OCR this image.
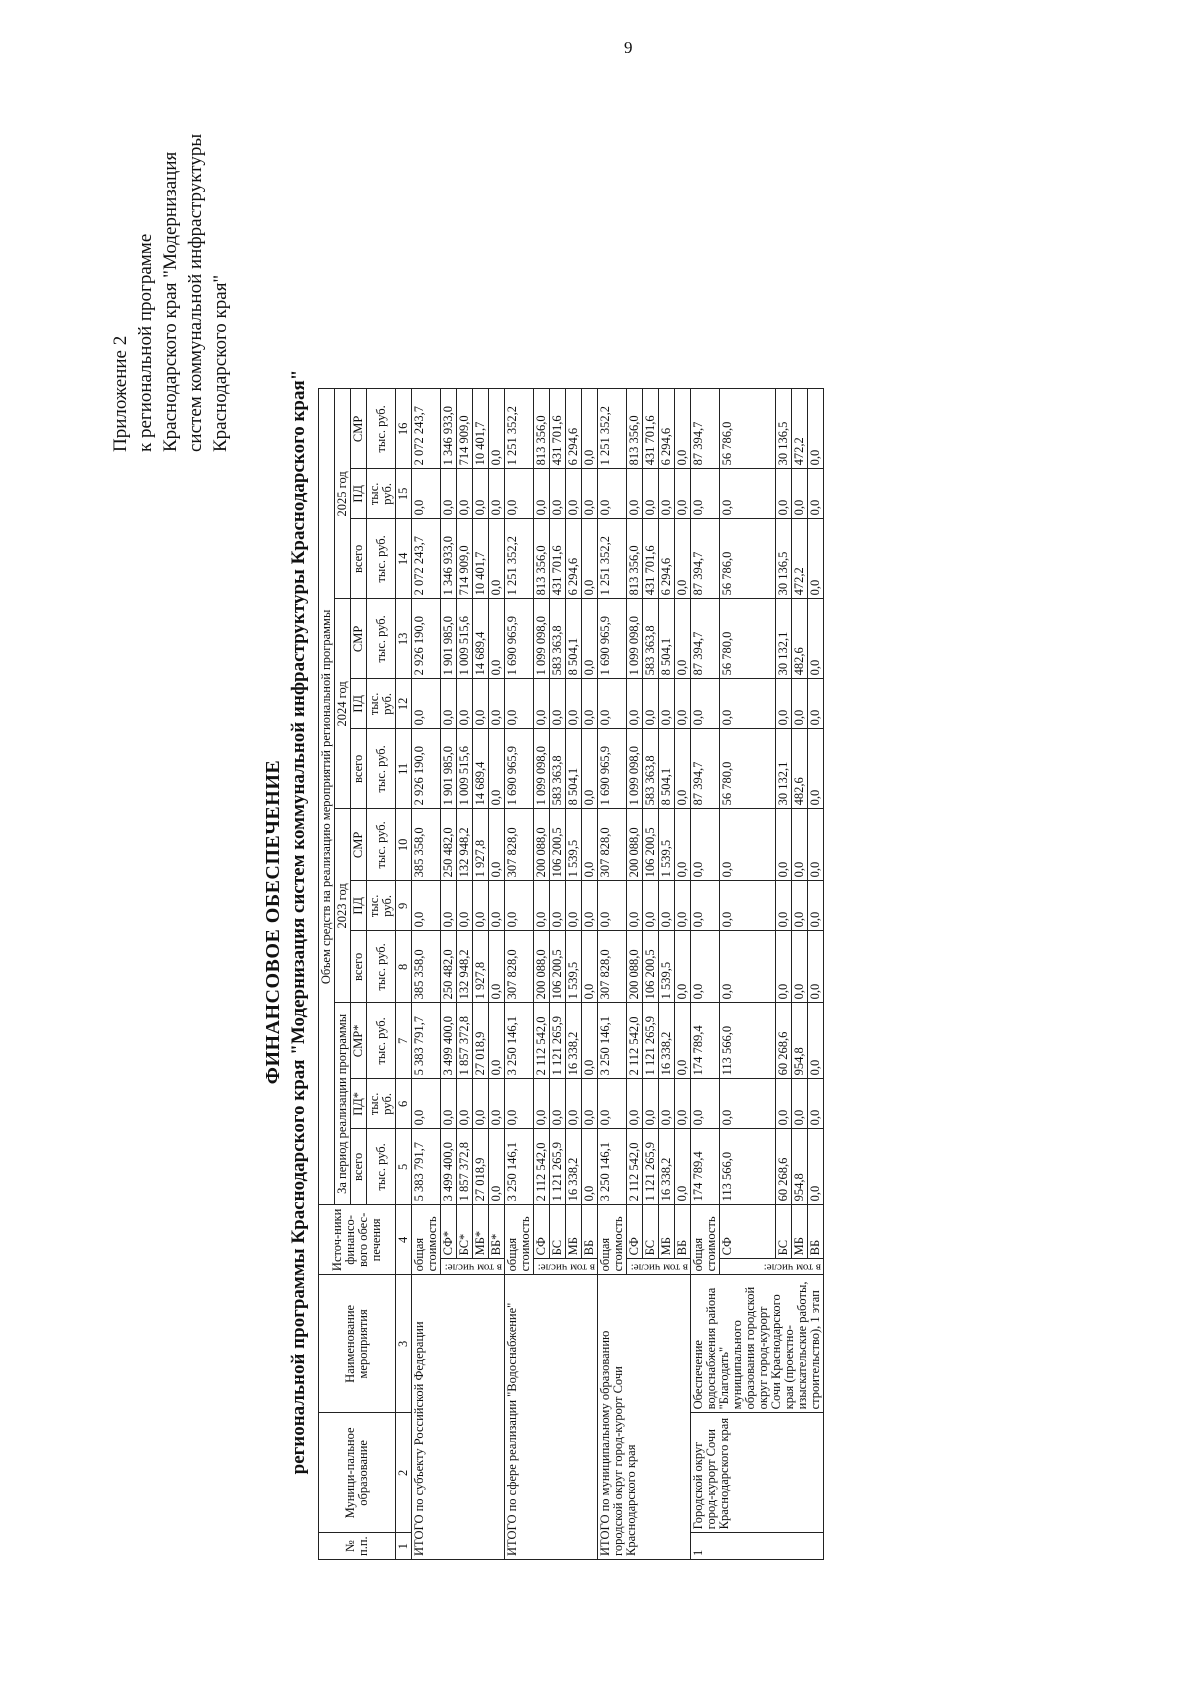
9
Приложение 2 к региональной программе Краснодарского края "Модернизация систем коммунальной инфраструктуры Краснодарского края"
ФИНАНСОВОЕ ОБЕСПЕЧЕНИЕ региональной программы Краснодарского края "Модернизация систем коммунальной инфраструктуры Краснодарского края"
№ п.п.	Муници-пальное образование	Наименование мероприятия	Источ-ники финансо-вого обес-печения		Объем средств на реализацию мероприятий региональной программы											
					За период реализации программы			2023 год			2024 год			2025 год		
					всего	ПД*	СМР*	всего	ПД	СМР	всего	ПД	СМР	всего	ПД	СМР
					тыс. руб.	тыс. руб.	тыс. руб.	тыс. руб.	тыс. руб.	тыс. руб.	тыс. руб.	тыс. руб.	тыс. руб.	тыс. руб.	тыс. руб.	тыс. руб.
1	2	3	4		5	6	7	8	9	10	11	12	13	14	15	16
ИТОГО по субъекту Российской Федерации			общая стоимость		5 383 791,7	0,0	5 383 791,7	385 358,0	0,0	385 358,0	2 926 190,0	0,0	2 926 190,0	2 072 243,7	0,0	2 072 243,7
			в том числе:	СФ*	3 499 400,0	0,0	3 499 400,0	250 482,0	0,0	250 482,0	1 901 985,0	0,0	1 901 985,0	1 346 933,0	0,0	1 346 933,0
				БС*	1 857 372,8	0,0	1 857 372,8	132 948,2	0,0	132 948,2	1 009 515,6	0,0	1 009 515,6	714 909,0	0,0	714 909,0
				МБ*	27 018,9	0,0	27 018,9	1 927,8	0,0	1 927,8	14 689,4	0,0	14 689,4	10 401,7	0,0	10 401,7
				ВБ*	0,0	0,0	0,0	0,0	0,0	0,0	0,0	0,0	0,0	0,0	0,0	0,0
ИТОГО по сфере реализации "Водоснабжение"			общая стоимость		3 250 146,1	0,0	3 250 146,1	307 828,0	0,0	307 828,0	1 690 965,9	0,0	1 690 965,9	1 251 352,2	0,0	1 251 352,2
			в том числе:	СФ	2 112 542,0	0,0	2 112 542,0	200 088,0	0,0	200 088,0	1 099 098,0	0,0	1 099 098,0	813 356,0	0,0	813 356,0
				БС	1 121 265,9	0,0	1 121 265,9	106 200,5	0,0	106 200,5	583 363,8	0,0	583 363,8	431 701,6	0,0	431 701,6
				МБ	16 338,2	0,0	16 338,2	1 539,5	0,0	1 539,5	8 504,1	0,0	8 504,1	6 294,6	0,0	6 294,6
				ВБ	0,0	0,0	0,0	0,0	0,0	0,0	0,0	0,0	0,0	0,0	0,0	0,0
ИТОГО по муниципальному образованию городской округ город-курорт Сочи Краснодарского края			общая стоимость		3 250 146,1	0,0	3 250 146,1	307 828,0	0,0	307 828,0	1 690 965,9	0,0	1 690 965,9	1 251 352,2	0,0	1 251 352,2
			в том числе:	СФ	2 112 542,0	0,0	2 112 542,0	200 088,0	0,0	200 088,0	1 099 098,0	0,0	1 099 098,0	813 356,0	0,0	813 356,0
				БС	1 121 265,9	0,0	1 121 265,9	106 200,5	0,0	106 200,5	583 363,8	0,0	583 363,8	431 701,6	0,0	431 701,6
				МБ	16 338,2	0,0	16 338,2	1 539,5	0,0	1 539,5	8 504,1	0,0	8 504,1	6 294,6	0,0	6 294,6
				ВБ	0,0	0,0	0,0	0,0	0,0	0,0	0,0	0,0	0,0	0,0	0,0	0,0
1	Городской округ город-курорт Сочи Краснодарского края	Обеспечение водоснабжения района "Благодать" муниципального образования городской округ город-курорт Сочи Краснодарского края (проектно-изыскательские работы, строительство), 1 этап	общая стоимость		174 789,4	0,0	174 789,4	0,0	0,0	0,0	87 394,7	0,0	87 394,7	87 394,7	0,0	87 394,7
			в том числе:	СФ	113 566,0	0,0	113 566,0	0,0	0,0	0,0	56 780,0	0,0	56 780,0	56 786,0	0,0	56 786,0
				БС	60 268,6	0,0	60 268,6	0,0	0,0	0,0	30 132,1	0,0	30 132,1	30 136,5	0,0	30 136,5
				МБ	954,8	0,0	954,8	0,0	0,0	0,0	482,6	0,0	482,6	472,2	0,0	472,2
				ВБ	0,0	0,0	0,0	0,0	0,0	0,0	0,0	0,0	0,0	0,0	0,0	0,0
